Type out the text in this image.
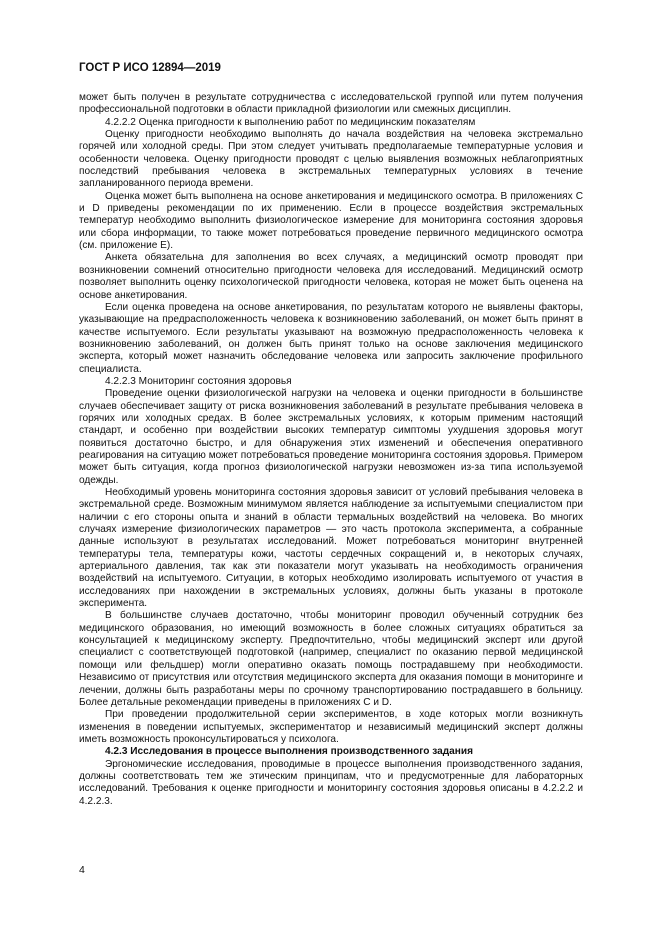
ГОСТ Р ИСО 12894—2019

может быть получен в результате сотрудничества с исследовательской группой или путем получения профессиональной подготовки в области прикладной физиологии или смежных дисциплин.

4.2.2.2 Оценка пригодности к выполнению работ по медицинским показателям

Оценку пригодности необходимо выполнять до начала воздействия на человека экстремально горячей или холодной среды. При этом следует учитывать предполагаемые температурные условия и особенности человека. Оценку пригодности проводят с целью выявления возможных неблагоприятных последствий пребывания человека в экстремальных температурных условиях в течение запланированного периода времени.

Оценка может быть выполнена на основе анкетирования и медицинского осмотра. В приложениях С и D приведены рекомендации по их применению. Если в процессе воздействия экстремальных температур необходимо выполнить физиологическое измерение для мониторинга состояния здоровья или сбора информации, то также может потребоваться проведение первичного медицинского осмотра (см. приложение Е).

Анкета обязательна для заполнения во всех случаях, а медицинский осмотр проводят при возникновении сомнений относительно пригодности человека для исследований. Медицинский осмотр позволяет выполнить оценку психологической пригодности человека, которая не может быть оценена на основе анкетирования.

Если оценка проведена на основе анкетирования, по результатам которого не выявлены факторы, указывающие на предрасположенность человека к возникновению заболеваний, он может быть принят в качестве испытуемого. Если результаты указывают на возможную предрасположенность человека к возникновению заболеваний, он должен быть принят только на основе заключения медицинского эксперта, который может назначить обследование человека или запросить заключение профильного специалиста.

4.2.2.3 Мониторинг состояния здоровья

Проведение оценки физиологической нагрузки на человека и оценки пригодности в большинстве случаев обеспечивает защиту от риска возникновения заболеваний в результате пребывания человека в горячих или холодных средах. В более экстремальных условиях, к которым применим настоящий стандарт, и особенно при воздействии высоких температур симптомы ухудшения здоровья могут появиться достаточно быстро, и для обнаружения этих изменений и обеспечения оперативного реагирования на ситуацию может потребоваться проведение мониторинга состояния здоровья. Примером может быть ситуация, когда прогноз физиологической нагрузки невозможен из-за типа используемой одежды.

Необходимый уровень мониторинга состояния здоровья зависит от условий пребывания человека в экстремальной среде. Возможным минимумом является наблюдение за испытуемыми специалистом при наличии с его стороны опыта и знаний в области термальных воздействий на человека. Во многих случаях измерение физиологических параметров — это часть протокола эксперимента, а собранные данные используют в результатах исследований. Может потребоваться мониторинг внутренней температуры тела, температуры кожи, частоты сердечных сокращений и, в некоторых случаях, артериального давления, так как эти показатели могут указывать на необходимость ограничения воздействий на испытуемого. Ситуации, в которых необходимо изолировать испытуемого от участия в исследованиях при нахождении в экстремальных условиях, должны быть указаны в протоколе эксперимента.

В большинстве случаев достаточно, чтобы мониторинг проводил обученный сотрудник без медицинского образования, но имеющий возможность в более сложных ситуациях обратиться за консультацией к медицинскому эксперту. Предпочтительно, чтобы медицинский эксперт или другой специалист с соответствующей подготовкой (например, специалист по оказанию первой медицинской помощи или фельдшер) могли оперативно оказать помощь пострадавшему при необходимости. Независимо от присутствия или отсутствия медицинского эксперта для оказания помощи в мониторинге и лечении, должны быть разработаны меры по срочному транспортированию пострадавшего в больницу. Более детальные рекомендации приведены в приложениях С и D.

При проведении продолжительной серии экспериментов, в ходе которых могли возникнуть изменения в поведении испытуемых, экспериментатор и независимый медицинский эксперт должны иметь возможность проконсультироваться у психолога.

4.2.3 Исследования в процессе выполнения производственного задания

Эргономические исследования, проводимые в процессе выполнения производственного задания, должны соответствовать тем же этическим принципам, что и предусмотренные для лабораторных исследований. Требования к оценке пригодности и мониторингу состояния здоровья описаны в 4.2.2.2 и 4.2.2.3.

4
